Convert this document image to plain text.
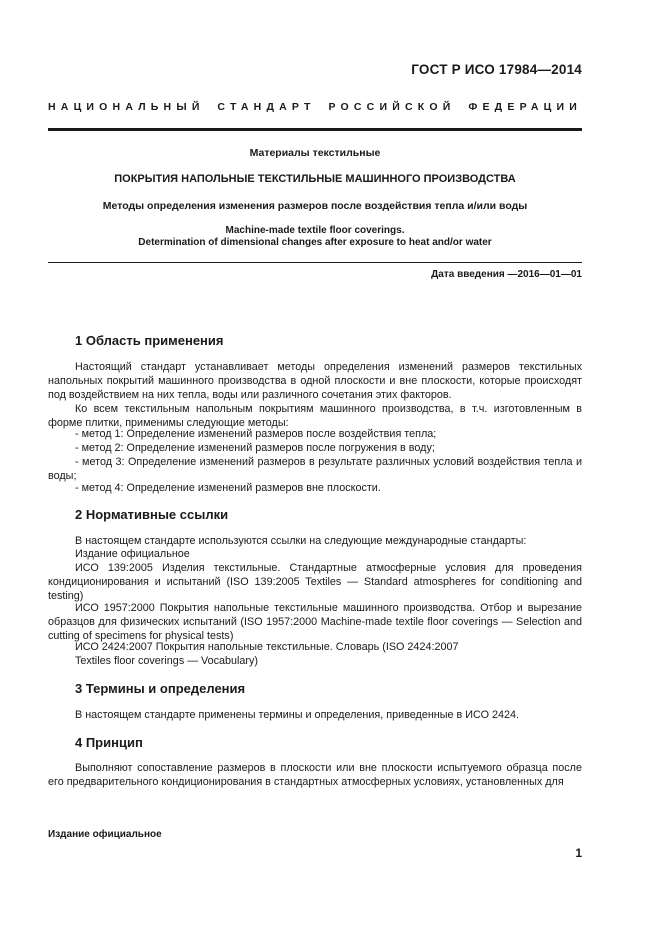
ГОСТ Р ИСО 17984—2014
НАЦИОНАЛЬНЫЙ СТАНДАРТ РОССИЙСКОЙ ФЕДЕРАЦИИ
Материалы текстильные
ПОКРЫТИЯ НАПОЛЬНЫЕ ТЕКСТИЛЬНЫЕ МАШИННОГО ПРОИЗВОДСТВА
Методы определения изменения размеров после воздействия тепла и/или воды
Machine-made textile floor coverings.
Determination of dimensional changes after exposure to heat and/or water
Дата введения —2016—01—01
1 Область применения
Настоящий стандарт устанавливает методы определения изменений размеров текстильных напольных покрытий машинного производства в одной плоскости и вне плоскости, которые происходят под воздействием на них тепла, воды или различного сочетания этих факторов.
Ко всем текстильным напольным покрытиям машинного производства, в т.ч. изготовленным в форме плитки, применимы следующие методы:
- метод 1: Определение изменений размеров после воздействия тепла;
- метод 2: Определение изменений размеров после погружения в воду;
- метод 3: Определение изменений размеров в результате различных условий воздействия тепла и воды;
- метод 4: Определение изменений размеров вне плоскости.
2 Нормативные ссылки
В настоящем стандарте используются ссылки на следующие международные стандарты:
Издание официальное
ИСО 139:2005 Изделия текстильные. Стандартные атмосферные условия для проведения кондиционирования и испытаний (ISO 139:2005 Textiles — Standard atmospheres for conditioning and testing)
ИСО 1957:2000 Покрытия напольные текстильные машинного производства. Отбор и вырезание образцов для физических испытаний (ISO 1957:2000 Machine-made textile floor coverings — Selection and cutting of specimens for physical tests)
ИСО 2424:2007 Покрытия напольные текстильные. Словарь (ISO 2424:2007
Textiles floor coverings — Vocabulary)
3 Термины и определения
В настоящем стандарте применены термины и определения, приведенные в ИСО 2424.
4 Принцип
Выполняют сопоставление размеров в плоскости или вне плоскости испытуемого образца после его предварительного кондиционирования в стандартных атмосферных условиях, установленных для
Издание официальное
1
